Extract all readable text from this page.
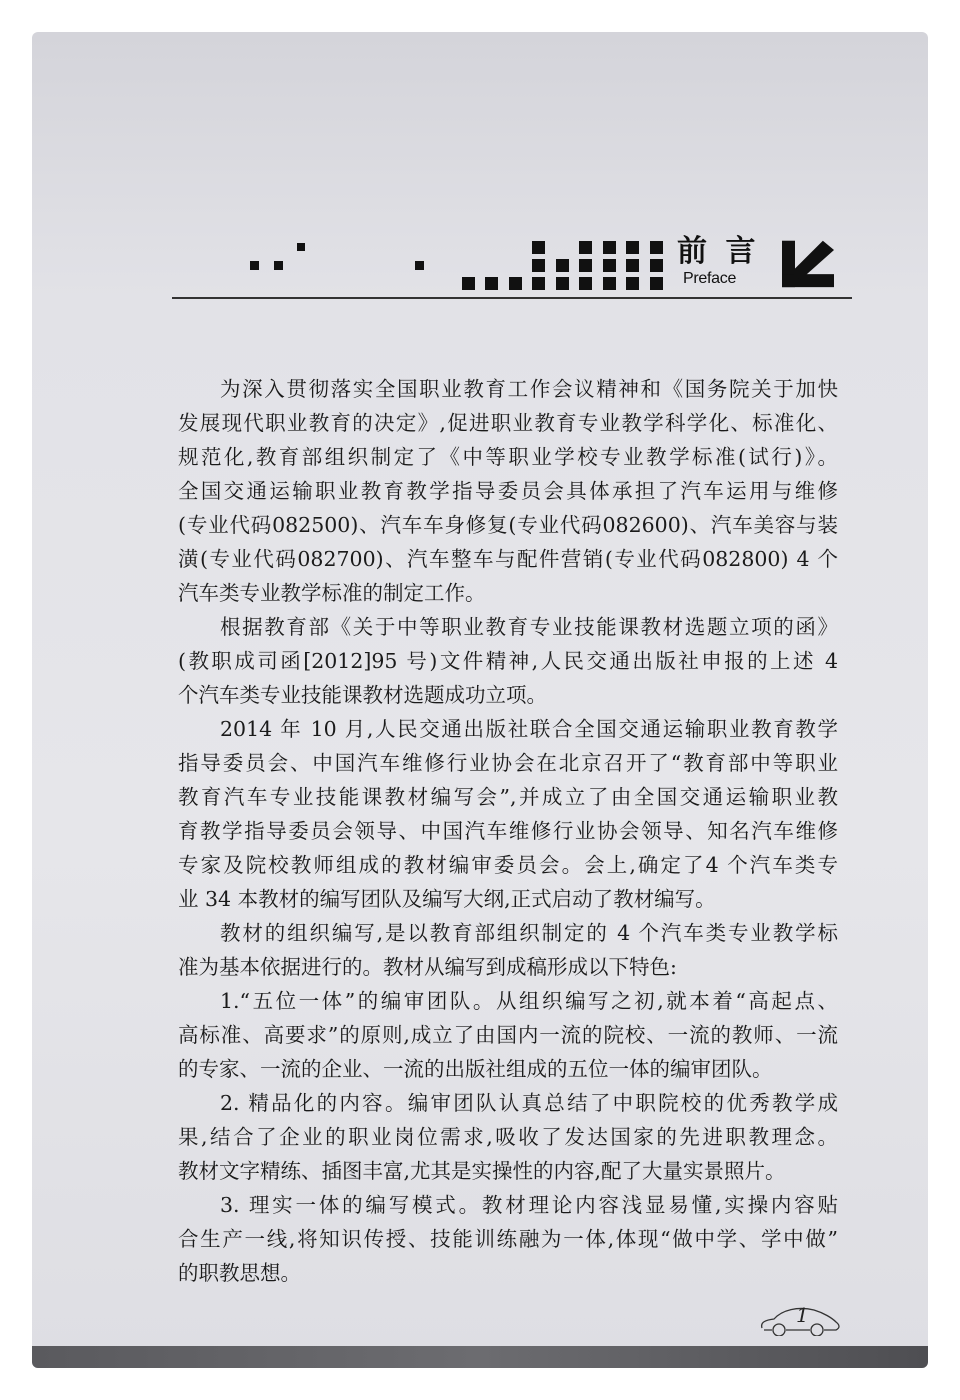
前 言
Preface
为深入贯彻落实全国职业教育工作会议精神和《国务院关于加快
发展现代职业教育的决定》,促进职业教育专业教学科学化、标准化、
规范化,教育部组织制定了《中等职业学校专业教学标准(试行)》。
全国交通运输职业教育教学指导委员会具体承担了汽车运用与维修
(专业代码082500)、汽车车身修复(专业代码082600)、汽车美容与装
潢(专业代码082700)、汽车整车与配件营销(专业代码082800) 4 个
汽车类专业教学标准的制定工作。
根据教育部《关于中等职业教育专业技能课教材选题立项的函》
(教职成司函[2012]95 号)文件精神,人民交通出版社申报的上述 4
个汽车类专业技能课教材选题成功立项。
2014 年 10 月,人民交通出版社联合全国交通运输职业教育教学
指导委员会、中国汽车维修行业协会在北京召开了“教育部中等职业
教育汽车专业技能课教材编写会”,并成立了由全国交通运输职业教
育教学指导委员会领导、中国汽车维修行业协会领导、知名汽车维修
专家及院校教师组成的教材编审委员会。会上,确定了4 个汽车类专
业 34 本教材的编写团队及编写大纲,正式启动了教材编写。
教材的组织编写,是以教育部组织制定的 4 个汽车类专业教学标
准为基本依据进行的。教材从编写到成稿形成以下特色:
1.“五位一体”的编审团队。从组织编写之初,就本着“高起点、
高标准、高要求”的原则,成立了由国内一流的院校、一流的教师、一流
的专家、一流的企业、一流的出版社组成的五位一体的编审团队。
2. 精品化的内容。编审团队认真总结了中职院校的优秀教学成
果,结合了企业的职业岗位需求,吸收了发达国家的先进职教理念。
教材文字精练、插图丰富,尤其是实操性的内容,配了大量实景照片。
3. 理实一体的编写模式。教材理论内容浅显易懂,实操内容贴
合生产一线,将知识传授、技能训练融为一体,体现“做中学、学中做”
的职教思想。
1
